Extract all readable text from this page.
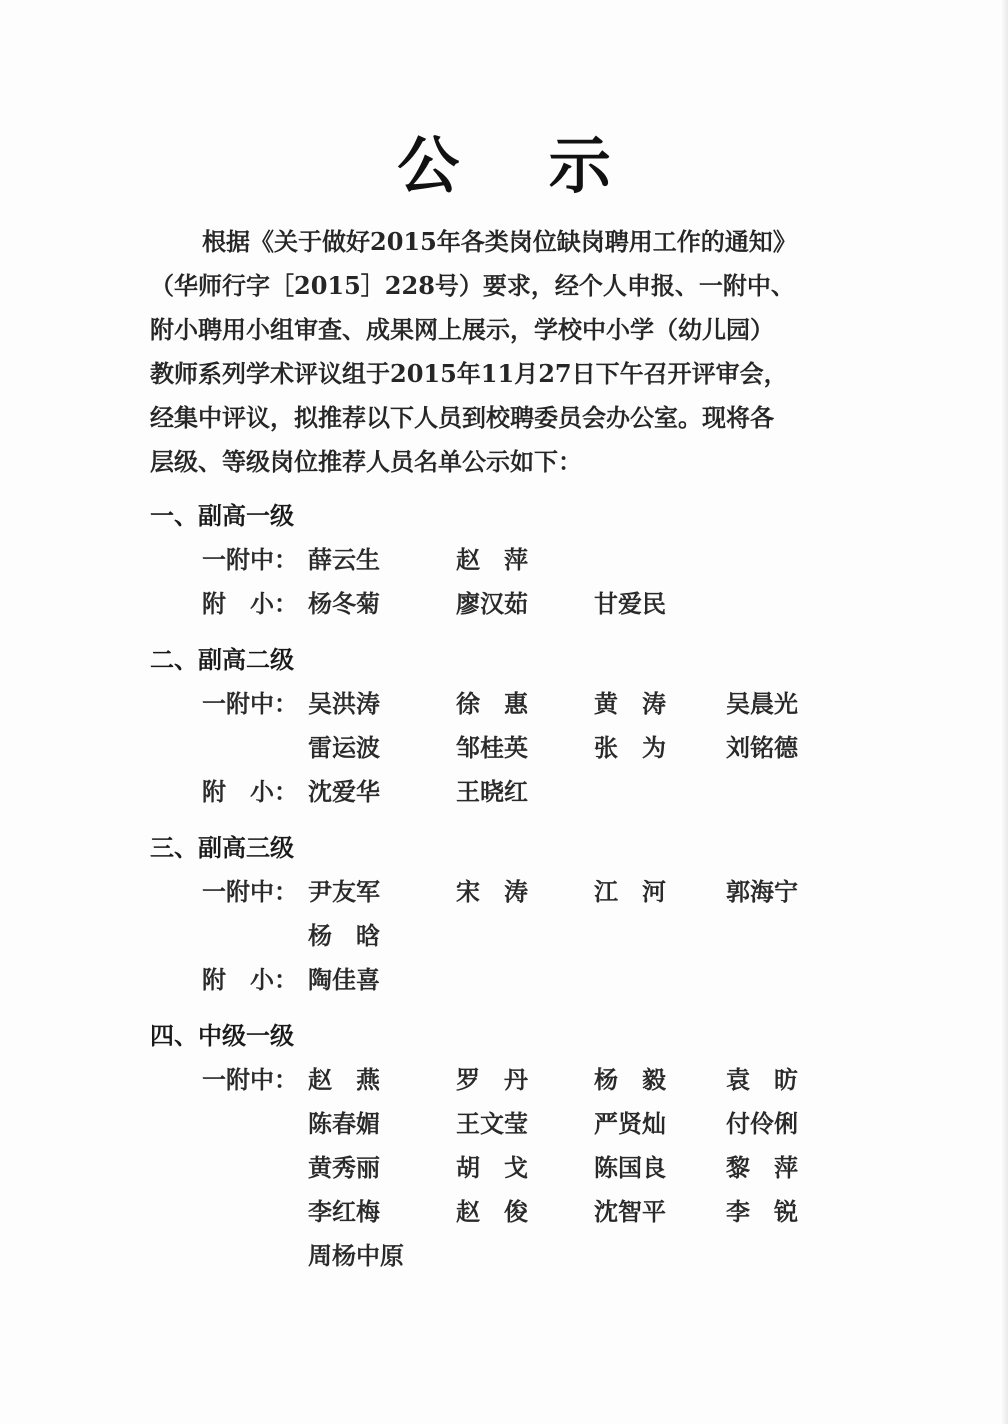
公 示

根据《关于做好2015年各类岗位缺岗聘用工作的通知》

（华师行字［2015］228号）要求，经个人申报、一附中、

附小聘用小组审查、成果网上展示，学校中小学（幼儿园）

教师系列学术评议组于2015年11月27日下午召开评审会，

经集中评议，拟推荐以下人员到校聘委员会办公室。现将各

层级、等级岗位推荐人员名单公示如下：

一、副高一级
一附中： 薛云生	赵　萍
附　小： 杨冬菊	廖汉茹	甘爱民
二、副高二级
一附中： 吴洪涛	徐　惠	黄　涛	吴晨光
雷运波	邹桂英	张　为	刘铭德
附　小： 沈爱华	王晓红
三、副高三级
一附中： 尹友军	宋　涛	江　河	郭海宁
杨　晗
附　小： 陶佳喜
四、中级一级
一附中： 赵　燕	罗　丹	杨　毅	袁　昉
陈春媚	王文莹	严贤灿	付伶俐
黄秀丽	胡　戈	陈国良	黎　萍
李红梅	赵　俊	沈智平	李　锐
周杨中原
